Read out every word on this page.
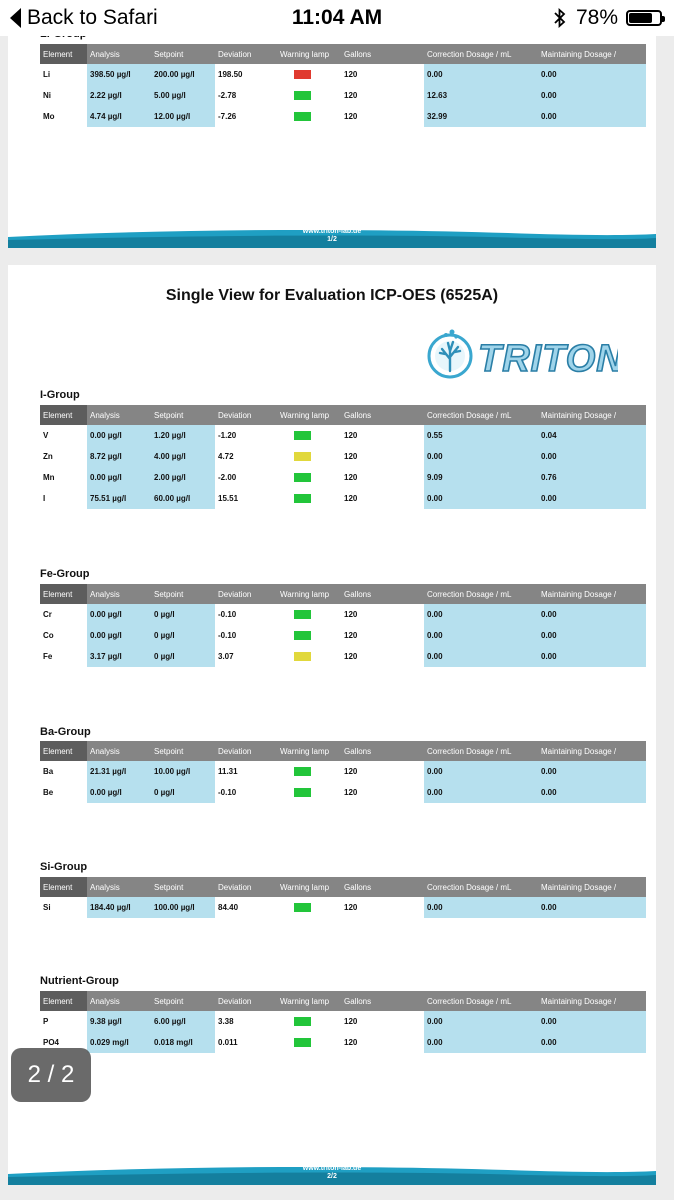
Back to Safari	11:04 AM	78%
Element	Analysis	Setpoint	Deviation	Warning lamp	Gallons	Correction Dosage / mL	Maintaining Dosage /
Li	398.50 µg/l	200.00 µg/l	198.50		120	0.00	0.00
Ni	2.22 µg/l	5.00 µg/l	-2.78		120	12.63	0.00
Mo	4.74 µg/l	12.00 µg/l	-7.26		120	32.99	0.00
www.triton-lab.de
1/2
Single View for Evaluation ICP-OES (6525A)
TRITON
I-Group
Element	Analysis	Setpoint	Deviation	Warning lamp	Gallons	Correction Dosage / mL	Maintaining Dosage /
V	0.00 µg/l	1.20 µg/l	-1.20		120	0.55	0.04
Zn	8.72 µg/l	4.00 µg/l	4.72		120	0.00	0.00
Mn	0.00 µg/l	2.00 µg/l	-2.00		120	9.09	0.76
I	75.51 µg/l	60.00 µg/l	15.51		120	0.00	0.00
Fe-Group
Element	Analysis	Setpoint	Deviation	Warning lamp	Gallons	Correction Dosage / mL	Maintaining Dosage /
Cr	0.00 µg/l	0 µg/l	-0.10		120	0.00	0.00
Co	0.00 µg/l	0 µg/l	-0.10		120	0.00	0.00
Fe	3.17 µg/l	0 µg/l	3.07		120	0.00	0.00
Ba-Group
Element	Analysis	Setpoint	Deviation	Warning lamp	Gallons	Correction Dosage / mL	Maintaining Dosage /
Ba	21.31 µg/l	10.00 µg/l	11.31		120	0.00	0.00
Be	0.00 µg/l	0 µg/l	-0.10		120	0.00	0.00
Si-Group
Element	Analysis	Setpoint	Deviation	Warning lamp	Gallons	Correction Dosage / mL	Maintaining Dosage /
Si	184.40 µg/l	100.00 µg/l	84.40		120	0.00	0.00
Nutrient-Group
Element	Analysis	Setpoint	Deviation	Warning lamp	Gallons	Correction Dosage / mL	Maintaining Dosage /
P	9.38 µg/l	6.00 µg/l	3.38		120	0.00	0.00
PO4	0.029 mg/l	0.018 mg/l	0.011		120	0.00	0.00
www.triton-lab.de
2/2
2 / 2
